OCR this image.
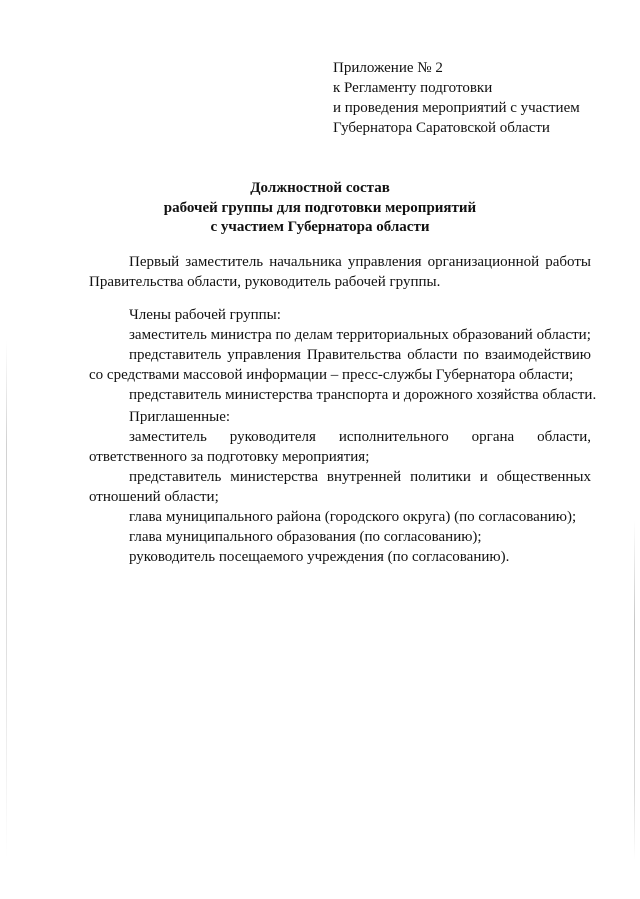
Приложение № 2
к Регламенту подготовки
и проведения мероприятий с участием
Губернатора Саратовской области
Должностной состав
рабочей группы для подготовки мероприятий
с участием Губернатора области
Первый заместитель начальника управления организационной работы
Правительства области, руководитель рабочей группы.
Члены рабочей группы:
заместитель министра по делам территориальных образований области;
представитель управления Правительства области по взаимодействию
со средствами массовой информации – пресс-службы Губернатора области;
представитель министерства транспорта и дорожного хозяйства области.
Приглашенные:
заместитель руководителя исполнительного органа области,
ответственного за подготовку мероприятия;
представитель министерства внутренней политики и общественных
отношений области;
глава муниципального района (городского округа) (по согласованию);
глава муниципального образования (по согласованию);
руководитель посещаемого учреждения (по согласованию).
